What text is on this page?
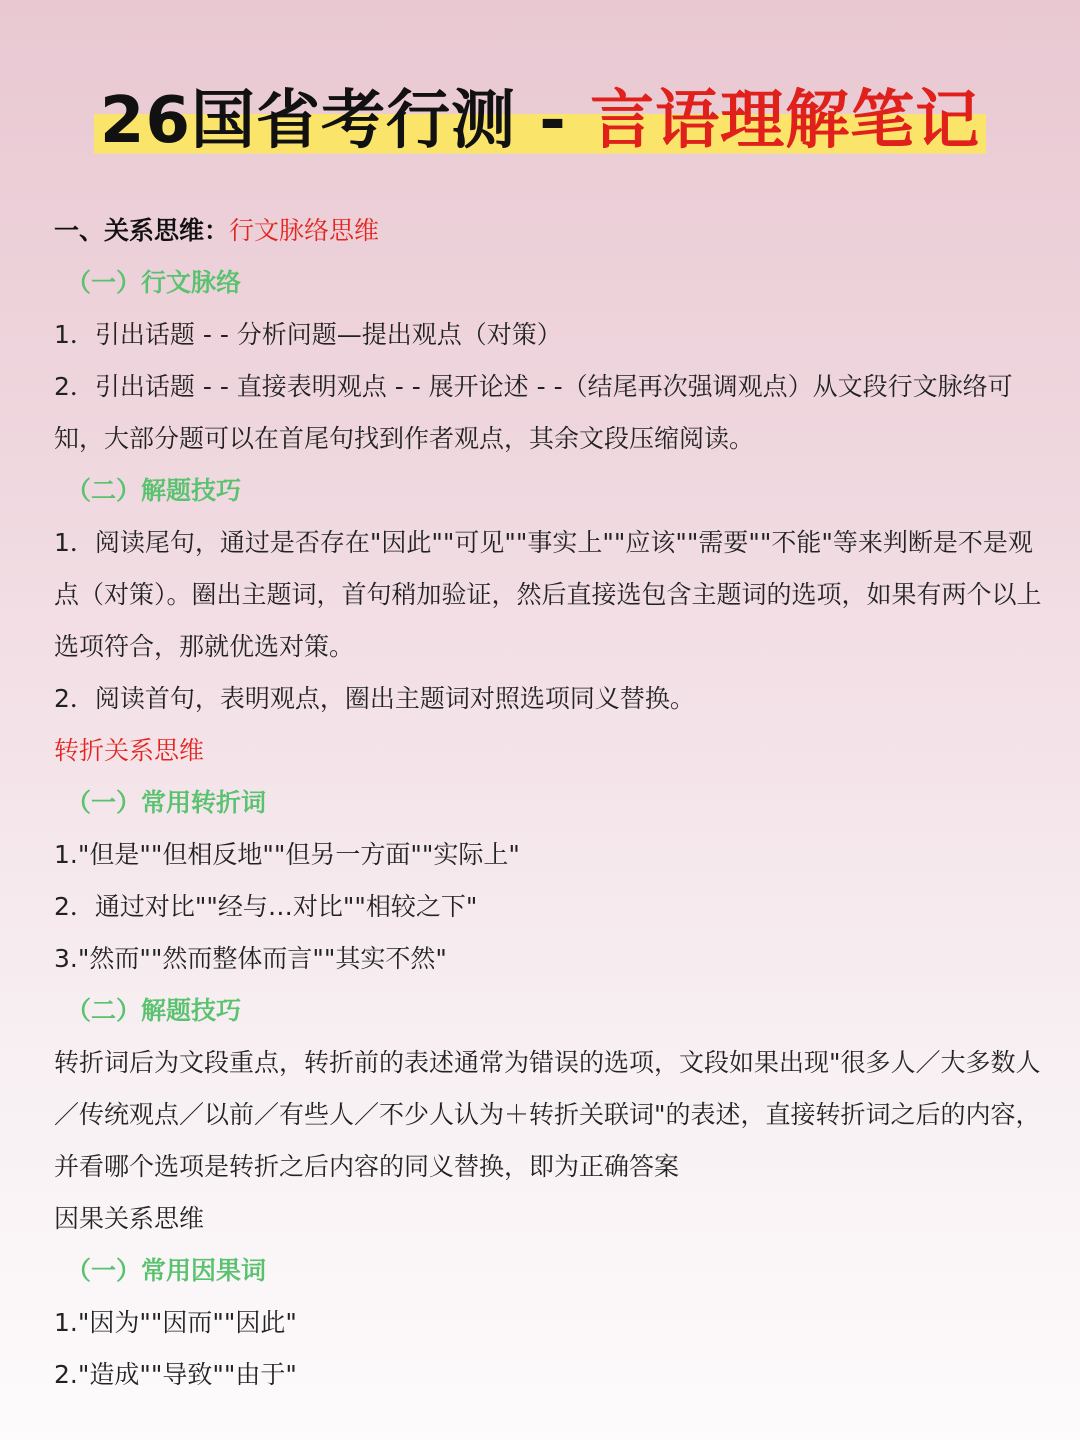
26国省考行测 - 言语理解笔记
一、关系思维：行文脉络思维
（一）行文脉络
1．引出话题 - - 分析问题—提出观点（对策）
2．引出话题 - - 直接表明观点 - - 展开论述 - -（结尾再次强调观点）从文段行文脉络可知，大部分题可以在首尾句找到作者观点，其余文段压缩阅读。
（二）解题技巧
1．阅读尾句，通过是否存在"因此""可见""事实上""应该""需要""不能"等来判断是不是观点（对策）。圈出主题词，首句稍加验证，然后直接选包含主题词的选项，如果有两个以上选项符合，那就优选对策。
2．阅读首句，表明观点，圈出主题词对照选项同义替换。
转折关系思维
（一）常用转折词
1."但是""但相反地""但另一方面""实际上"
2．通过对比""经与…对比""相较之下"
3."然而""然而整体而言""其实不然"
（二）解题技巧
转折词后为文段重点，转折前的表述通常为错误的选项，文段如果出现"很多人／大多数人／传统观点／以前／有些人／不少人认为＋转折关联词"的表述，直接转折词之后的内容，并看哪个选项是转折之后内容的同义替换，即为正确答案
因果关系思维
（一）常用因果词
1."因为""因而""因此"
2."造成""导致""由于"
